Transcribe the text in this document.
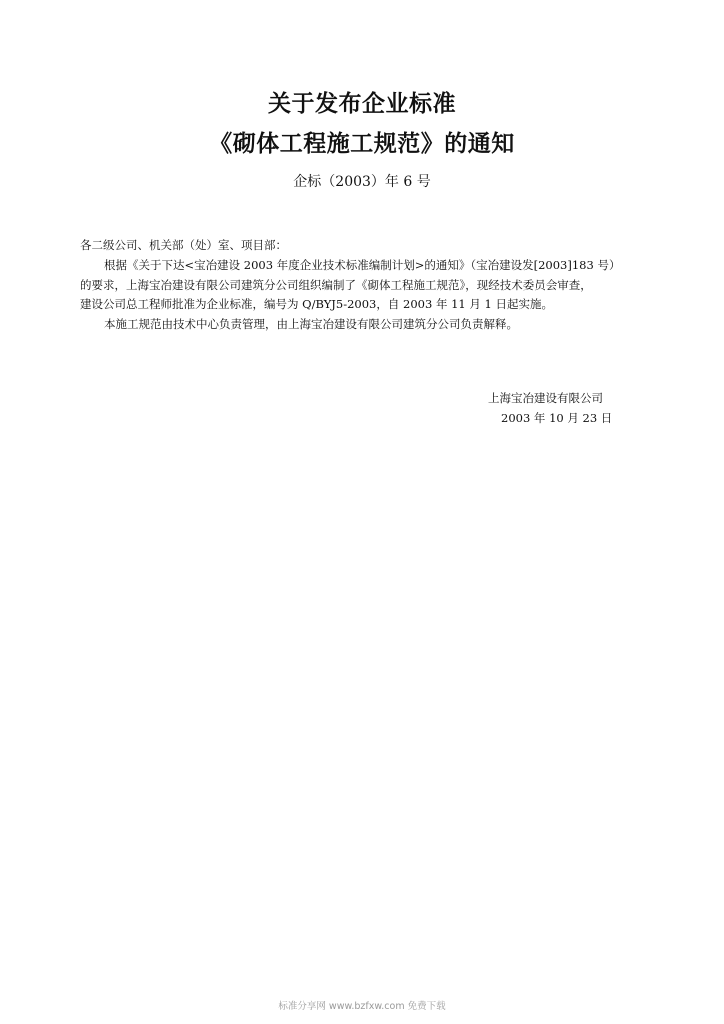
关于发布企业标准
《砌体工程施工规范》的通知
企标（2003）年 6 号
各二级公司、机关部（处）室、项目部：
根据《关于下达<宝冶建设 2003 年度企业技术标准编制计划>的通知》（宝冶建设发[2003]183 号）
的要求，上海宝冶建设有限公司建筑分公司组织编制了《砌体工程施工规范》，现经技术委员会审查，
建设公司总工程师批准为企业标准，编号为 Q/BYJ5-2003，自 2003 年 11 月 1 日起实施。
本施工规范由技术中心负责管理，由上海宝冶建设有限公司建筑分公司负责解释。
上海宝冶建设有限公司
2003 年 10 月 23 日
标准分享网 www.bzfxw.com 免费下载
